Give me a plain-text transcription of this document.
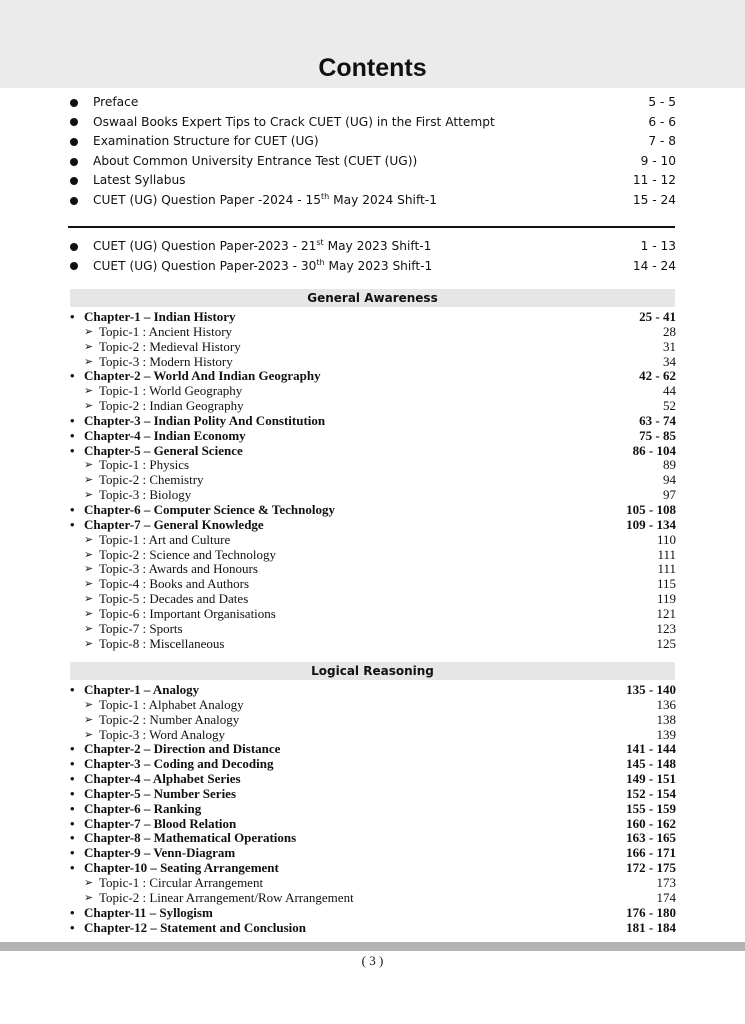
Contents
Preface	5 - 5
Oswaal Books Expert Tips to Crack CUET (UG) in the First Attempt	6 - 6
Examination Structure for CUET (UG)	7 - 8
About Common University Entrance Test (CUET (UG))	9 - 10
Latest Syllabus	11 - 12
CUET (UG) Question Paper -2024 - 15th May 2024 Shift-1	15 - 24
CUET (UG) Question Paper-2023 - 21st May 2023 Shift-1	1 - 13
CUET (UG) Question Paper-2023 - 30th May 2023 Shift-1	14 - 24
General Awareness
• Chapter-1 – Indian History	25 - 41
➢ Topic-1 : Ancient History	28
➢ Topic-2 : Medieval History	31
➢ Topic-3 : Modern History	34
• Chapter-2 – World And Indian Geography	42 - 62
➢ Topic-1 : World Geography	44
➢ Topic-2 : Indian Geography	52
• Chapter-3 – Indian Polity And Constitution	63 - 74
• Chapter-4 – Indian Economy	75 - 85
• Chapter-5 – General Science	86 - 104
➢ Topic-1 : Physics	89
➢ Topic-2 : Chemistry	94
➢ Topic-3 : Biology	97
• Chapter-6 – Computer Science & Technology	105 - 108
• Chapter-7 – General Knowledge	109 - 134
➢ Topic-1 : Art and Culture	110
➢ Topic-2 : Science and Technology	111
➢ Topic-3 : Awards and Honours	111
➢ Topic-4 : Books and Authors	115
➢ Topic-5 : Decades and Dates	119
➢ Topic-6 : Important Organisations	121
➢ Topic-7 : Sports	123
➢ Topic-8 : Miscellaneous	125
Logical Reasoning
• Chapter-1 – Analogy	135 - 140
➢ Topic-1 : Alphabet Analogy	136
➢ Topic-2 : Number Analogy	138
➢ Topic-3 : Word Analogy	139
• Chapter-2 – Direction and Distance	141 - 144
• Chapter-3 – Coding and Decoding	145 - 148
• Chapter-4 – Alphabet Series	149 - 151
• Chapter-5 – Number Series	152 - 154
• Chapter-6 – Ranking	155 - 159
• Chapter-7 – Blood Relation	160 - 162
• Chapter-8 – Mathematical Operations	163 - 165
• Chapter-9 – Venn-Diagram	166 - 171
• Chapter-10 – Seating Arrangement	172 - 175
➢ Topic-1 : Circular Arrangement	173
➢ Topic-2 : Linear Arrangement/Row Arrangement	174
• Chapter-11 – Syllogism	176 - 180
• Chapter-12 – Statement and Conclusion	181 - 184
( 3 )
